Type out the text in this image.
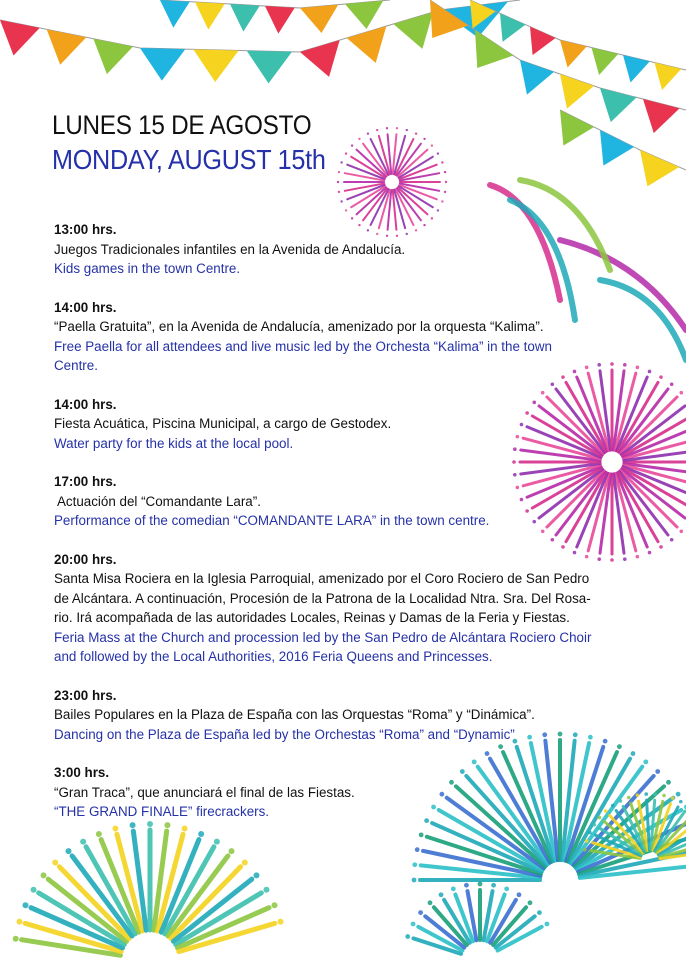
LUNES 15 DE AGOSTO
MONDAY, AUGUST 15th
13:00 hrs.
Juegos Tradicionales infantiles en la Avenida de Andalucía.
Kids games in the town Centre.
14:00 hrs.
“Paella Gratuita”, en la Avenida de Andalucía, amenizado por la orquesta “Kalima”.
Free Paella for all attendees and live music led by the Orchesta “Kalima” in the town
Centre.
14:00 hrs.
Fiesta Acuática, Piscina Municipal, a cargo de Gestodex.
Water party for the kids at the local pool.
17:00 hrs.
Actuación del “Comandante Lara”.
Performance of the comedian “COMANDANTE LARA” in the town centre.
20:00 hrs.
Santa Misa Rociera en la Iglesia Parroquial, amenizado por el Coro Rociero de San Pedro
de Alcántara. A continuación, Procesión de la Patrona de la Localidad Ntra. Sra. Del Rosa-
rio. Irá acompañada de las autoridades Locales, Reinas y Damas de la Feria y Fiestas.
Feria Mass at the Church and procession led by the San Pedro de Alcántara Rociero Choir
and followed by the Local Authorities, 2016 Feria Queens and Princesses.
23:00 hrs.
Bailes Populares en la Plaza de España con las Orquestas “Roma” y “Dinámica”.
Dancing on the Plaza de España led by the Orchestas “Roma” and “Dynamic”
3:00 hrs.
“Gran Traca”, que anunciará el final de las Fiestas.
“THE GRAND FINALE” firecrackers.
